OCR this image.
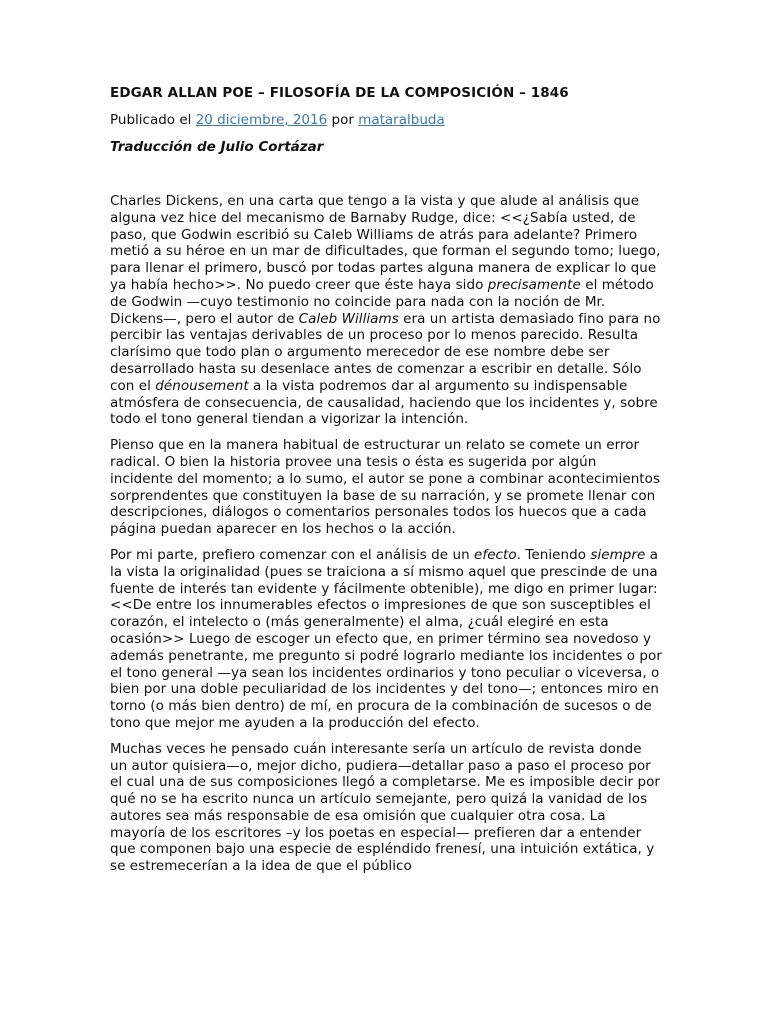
EDGAR ALLAN POE – FILOSOFÍA DE LA COMPOSICIÓN – 1846
Publicado el 20 diciembre, 2016 por mataralbuda
Traducción de Julio Cortázar

Charles Dickens, en una carta que tengo a la vista y que alude al análisis que alguna vez hice del mecanismo de Barnaby Rudge, dice: <<¿Sabía usted, de paso, que Godwin escribió su Caleb Williams de atrás para adelante? Primero metió a su héroe en un mar de dificultades, que forman el segundo tomo; luego, para llenar el primero, buscó por todas partes alguna manera de explicar lo que ya había hecho>>. No puedo creer que éste haya sido precisamente el método de Godwin —cuyo testimonio no coincide para nada con la noción de Mr. Dickens—, pero el autor de Caleb Williams era un artista demasiado fino para no percibir las ventajas derivables de un proceso por lo menos parecido. Resulta clarísimo que todo plan o argumento merecedor de ese nombre debe ser desarrollado hasta su desenlace antes de comenzar a escribir en detalle. Sólo con el dénousement a la vista podremos dar al argumento su indispensable atmósfera de consecuencia, de causalidad, haciendo que los incidentes y, sobre todo el tono general tiendan a vigorizar la intención.

Pienso que en la manera habitual de estructurar un relato se comete un error radical. O bien la historia provee una tesis o ésta es sugerida por algún incidente del momento; a lo sumo, el autor se pone a combinar acontecimientos sorprendentes que constituyen la base de su narración, y se promete llenar con descripciones, diálogos o comentarios personales todos los huecos que a cada página puedan aparecer en los hechos o la acción.

Por mi parte, prefiero comenzar con el análisis de un efecto. Teniendo siempre a la vista la originalidad (pues se traiciona a sí mismo aquel que prescinde de una fuente de interés tan evidente y fácilmente obtenible), me digo en primer lugar: <<De entre los innumerables efectos o impresiones de que son susceptibles el corazón, el intelecto o (más generalmente) el alma, ¿cuál elegiré en esta ocasión>> Luego de escoger un efecto que, en primer término sea novedoso y además penetrante, me pregunto si podré lograrlo mediante los incidentes o por el tono general —ya sean los incidentes ordinarios y tono peculiar o viceversa, o bien por una doble peculiaridad de los incidentes y del tono—; entonces miro en torno (o más bien dentro) de mí, en procura de la combinación de sucesos o de tono que mejor me ayuden a la producción del efecto.

Muchas veces he pensado cuán interesante sería un artículo de revista donde un autor quisiera—o, mejor dicho, pudiera—detallar paso a paso el proceso por el cual una de sus composiciones llegó a completarse. Me es imposible decir por qué no se ha escrito nunca un artículo semejante, pero quizá la vanidad de los autores sea más responsable de esa omisión que cualquier otra cosa. La mayoría de los escritores –y los poetas en especial— prefieren dar a entender que componen bajo una especie de espléndido frenesí, una intuición extática, y se estremecerían a la idea de que el público
